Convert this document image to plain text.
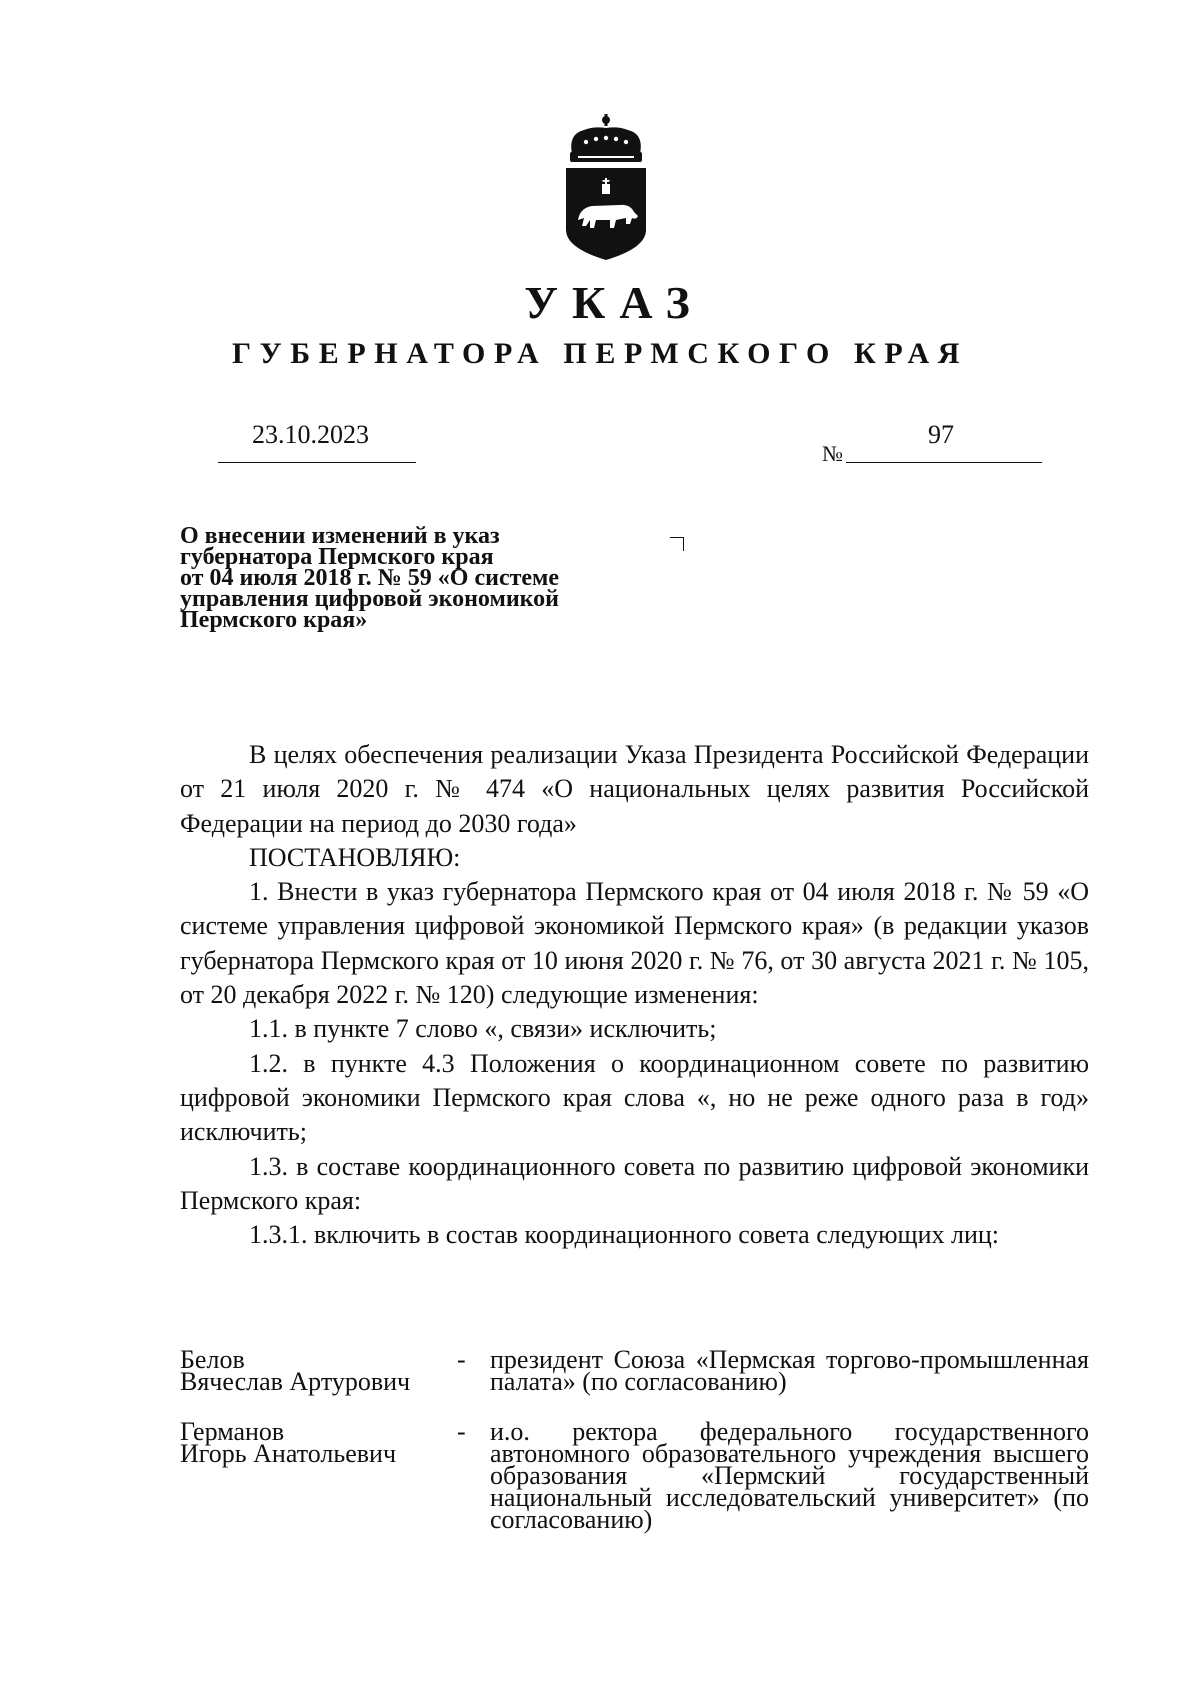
УКАЗ
ГУБЕРНАТОРА ПЕРМСКОГО КРАЯ
23.10.2023
№
97
О внесении изменений в указ
губернатора Пермского края
от 04 июля 2018 г. № 59 «О системе
управления цифровой экономикой
Пермского края»

В целях обеспечения реализации Указа Президента Российской Федерации от 21 июля 2020 г. № 474 «О национальных целях развития Российской Федерации на период до 2030 года»

ПОСТАНОВЛЯЮ:

1. Внести в указ губернатора Пермского края от 04 июля 2018 г. № 59 «О системе управления цифровой экономикой Пермского края» (в редакции указов губернатора Пермского края от 10 июня 2020 г. № 76, от 30 августа 2021 г. № 105, от 20 декабря 2022 г. № 120) следующие изменения:

1.1. в пункте 7 слово «, связи» исключить;

1.2. в пункте 4.3 Положения о координационном совете по развитию цифровой экономики Пермского края слова «, но не реже одного раза в год» исключить;

1.3. в составе координационного совета по развитию цифровой экономики Пермского края:

1.3.1. включить в состав координационного совета следующих лиц:

Белов
Вячеслав Артурович
- президент Союза «Пермская торгово-промышленная палата» (по согласованию)
Германов
Игорь Анатольевич
- и.о. ректора федерального государственного автономного образовательного учреждения высшего образования «Пермский государственный национальный исследовательский университет» (по согласованию)
